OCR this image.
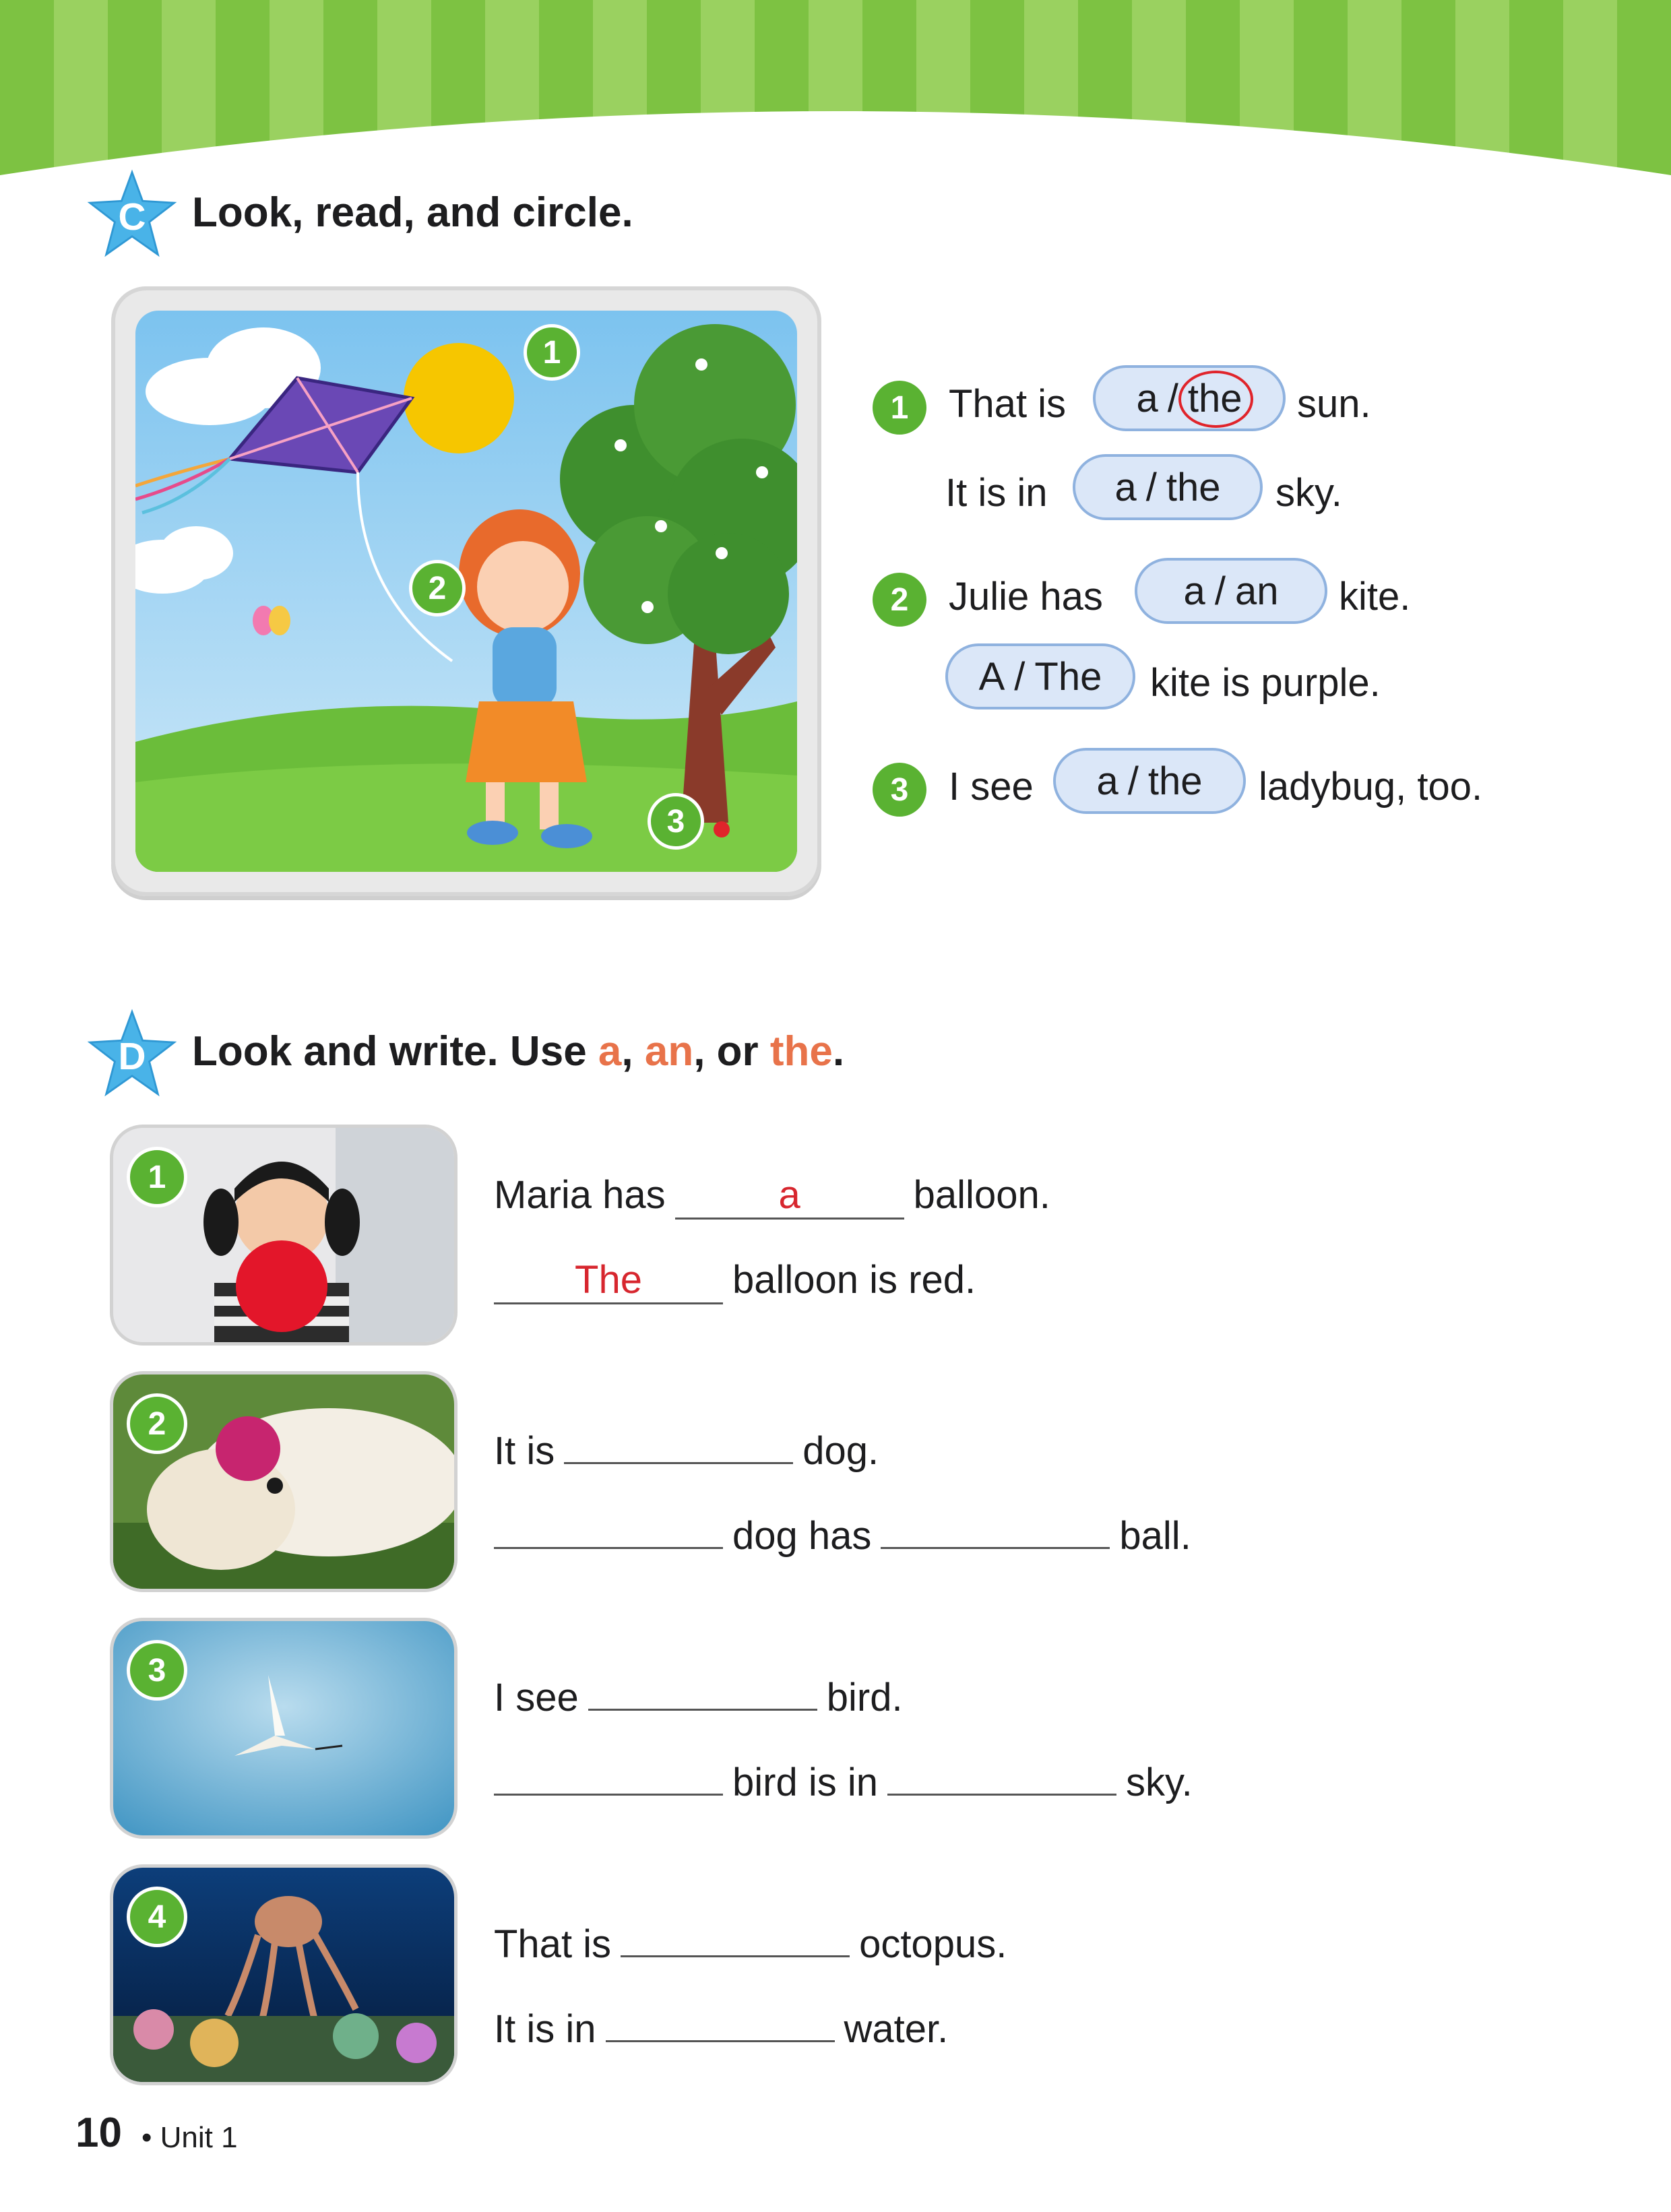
C Look, read, and circle.
1
2
3
1	That is a / the sun.
It is in a / the sky.
2	Julie has a / an kite.
A / The kite is purple.
3	I see a / the ladybug, too.
D Look and write. Use a, an, or the.
1	Maria has	a	balloon.
The balloon is red.
2
It is	dog.
dog has	ball.
3
I see	bird.
bird is in	sky.
4
That is	octopus.
It is in	water.
10 • Unit 1
